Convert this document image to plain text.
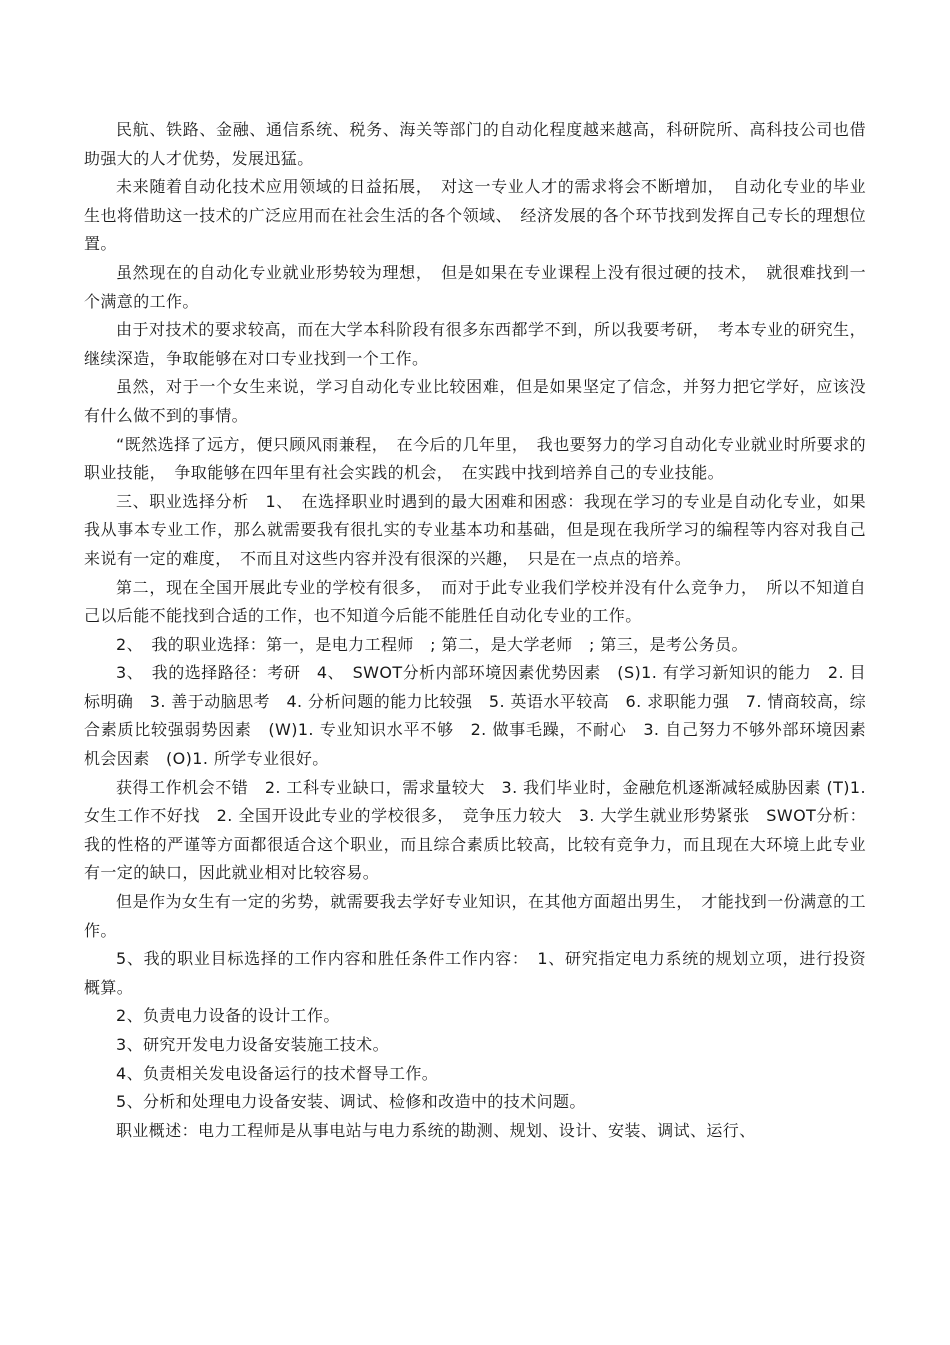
民航、铁路、金融、通信系统、税务、海关等部门的自动化程度越来越高，科研院所、高科技公司也借助强大的人才优势，发展迅猛。

未来随着自动化技术应用领域的日益拓展，　对这一专业人才的需求将会不断增加，　自动化专业的毕业生也将借助这一技术的广泛应用而在社会生活的各个领域、　经济发展的各个环节找到发挥自己专长的理想位置。

虽然现在的自动化专业就业形势较为理想，　但是如果在专业课程上没有很过硬的技术，　就很难找到一个满意的工作。

由于对技术的要求较高，而在大学本科阶段有很多东西都学不到，所以我要考研，　考本专业的研究生，继续深造，争取能够在对口专业找到一个工作。

虽然，对于一个女生来说，学习自动化专业比较困难，但是如果坚定了信念，并努力把它学好，应该没有什么做不到的事情。

“既然选择了远方，便只顾风雨兼程，　在今后的几年里，　我也要努力的学习自动化专业就业时所要求的职业技能，　争取能够在四年里有社会实践的机会，　在实践中找到培养自己的专业技能。

三、职业选择分析　1、　在选择职业时遇到的最大困难和困惑：我现在学习的专业是自动化专业，如果我从事本专业工作，那么就需要我有很扎实的专业基本功和基础，但是现在我所学习的编程等内容对我自己来说有一定的难度，　不而且对这些内容并没有很深的兴趣，　只是在一点点的培养。

第二，现在全国开展此专业的学校有很多，　而对于此专业我们学校并没有什么竞争力，　所以不知道自己以后能不能找到合适的工作，也不知道今后能不能胜任自动化专业的工作。

2、　我的职业选择：第一，是电力工程师　; 第二，是大学老师　; 第三，是考公务员。

3、　我的选择路径：考研　4、　SWOT分析内部环境因素优势因素　(S)1. 有学习新知识的能力　2. 目标明确　3. 善于动脑思考　4. 分析问题的能力比较强　5. 英语水平较高　6. 求职能力强　7. 情商较高，综合素质比较强弱势因素　(W)1. 专业知识水平不够　2. 做事毛躁，不耐心　3. 自己努力不够外部环境因素机会因素　(O)1. 所学专业很好。

获得工作机会不错　2. 工科专业缺口，需求量较大　3. 我们毕业时，金融危机逐渐减轻威胁因素 (T)1. 女生工作不好找　2. 全国开设此专业的学校很多，　竞争压力较大　3. 大学生就业形势紧张　SWOT分析：我的性格的严谨等方面都很适合这个职业，而且综合素质比较高，比较有竞争力，而且现在大环境上此专业有一定的缺口，因此就业相对比较容易。

但是作为女生有一定的劣势，就需要我去学好专业知识，在其他方面超出男生，　才能找到一份满意的工作。

5、我的职业目标选择的工作内容和胜任条件工作内容：　1、研究指定电力系统的规划立项，进行投资概算。

2、负责电力设备的设计工作。

3、研究开发电力设备安装施工技术。

4、负责相关发电设备运行的技术督导工作。

5、分析和处理电力设备安装、调试、检修和改造中的技术问题。

职业概述：电力工程师是从事电站与电力系统的勘测、规划、设计、安装、调试、运行、
